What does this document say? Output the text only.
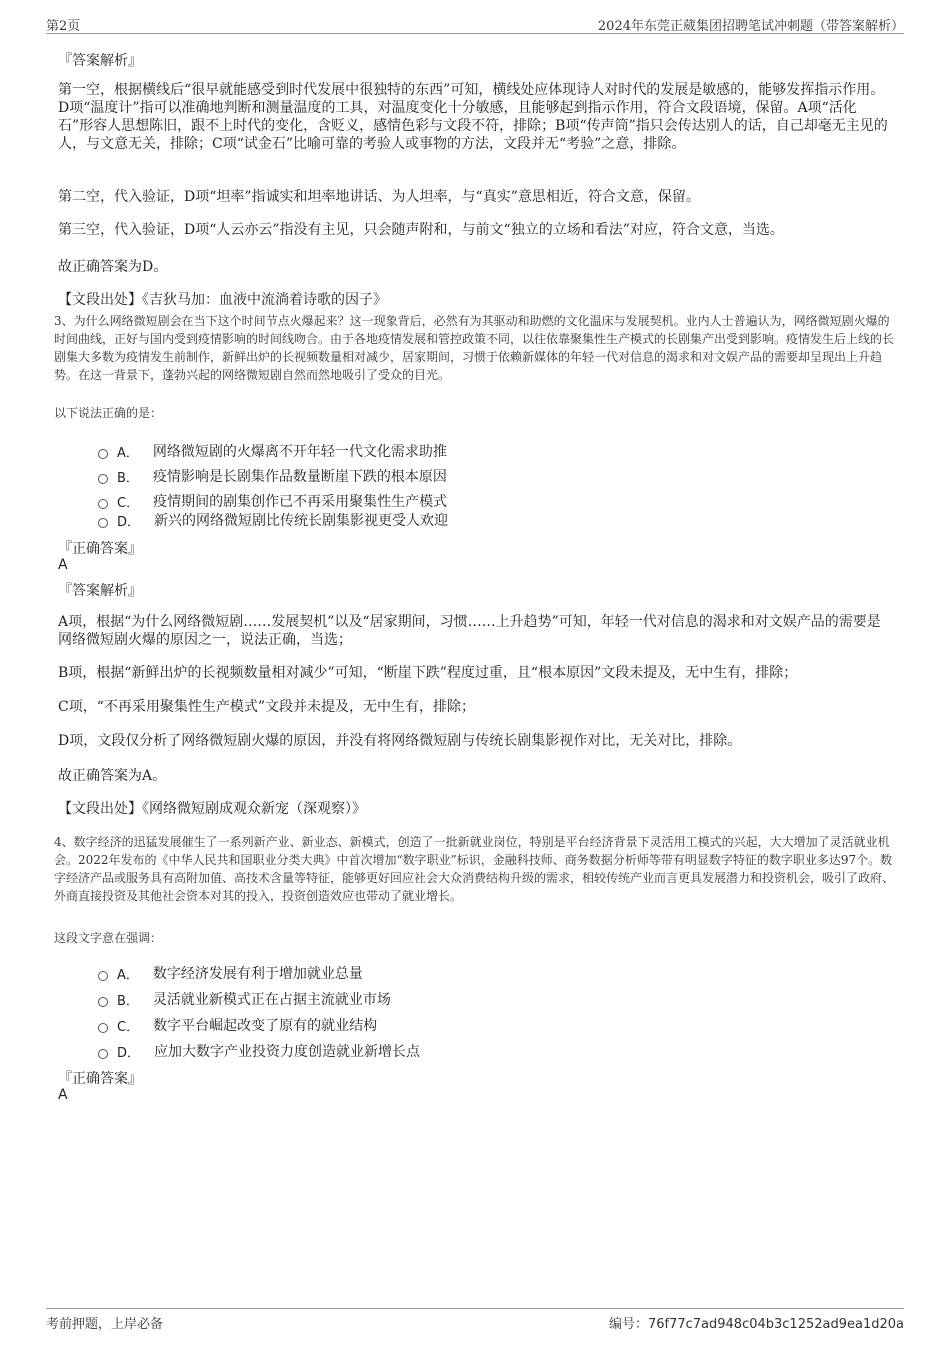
第2页	2024年东莞正葳集团招聘笔试冲刺题（带答案解析）
『答案解析』
第一空，根据横线后“很早就能感受到时代发展中很独特的东西”可知，横线处应体现诗人对时代的发展是敏感的，能够发挥指示作用。D项“温度计”指可以准确地判断和测量温度的工具，对温度变化十分敏感，且能够起到指示作用，符合文段语境，保留。A项“活化石”形容人思想陈旧，跟不上时代的变化，含贬义，感情色彩与文段不符，排除；B项“传声筒”指只会传达别人的话，自己却毫无主见的人，与文意无关，排除；C项“试金石”比喻可靠的考验人或事物的方法，文段并无“考验”之意，排除。
第二空，代入验证，D项“坦率”指诚实和坦率地讲话、为人坦率，与“真实”意思相近，符合文意，保留。
第三空，代入验证，D项“人云亦云”指没有主见，只会随声附和，与前文“独立的立场和看法”对应，符合文意，当选。
故正确答案为D。
【文段出处】《吉狄马加：血液中流淌着诗歌的因子》
3、为什么网络微短剧会在当下这个时间节点火爆起来？这一现象背后，必然有为其驱动和助燃的文化温床与发展契机。业内人士普遍认为，网络微短剧火爆的时间曲线，正好与国内受到疫情影响的时间线吻合。由于各地疫情发展和管控政策不同，以往依靠聚集性生产模式的长剧集产出受到影响。疫情发生后上线的长剧集大多数为疫情发生前制作，新鲜出炉的长视频数量相对减少，居家期间，习惯于依赖新媒体的年轻一代对信息的渴求和对文娱产品的需要却呈现出上升趋势。在这一背景下，蓬勃兴起的网络微短剧自然而然地吸引了受众的目光。
以下说法正确的是：
A． 网络微短剧的火爆离不开年轻一代文化需求助推
B． 疫情影响是长剧集作品数量断崖下跌的根本原因
C． 疫情期间的剧集创作已不再采用聚集性生产模式
D． 新兴的网络微短剧比传统长剧集影视更受人欢迎
『正确答案』
A
『答案解析』
A项，根据“为什么网络微短剧……发展契机”以及“居家期间，习惯……上升趋势”可知，年轻一代对信息的渴求和对文娱产品的需要是网络微短剧火爆的原因之一，说法正确，当选；
B项，根据“新鲜出炉的长视频数量相对减少”可知，“断崖下跌”程度过重，且“根本原因”文段未提及，无中生有，排除；
C项，“不再采用聚集性生产模式”文段并未提及，无中生有，排除；
D项，文段仅分析了网络微短剧火爆的原因，并没有将网络微短剧与传统长剧集影视作对比，无关对比，排除。
故正确答案为A。
【文段出处】《网络微短剧成观众新宠（深观察）》
4、数字经济的迅猛发展催生了一系列新产业、新业态、新模式，创造了一批新就业岗位，特别是平台经济背景下灵活用工模式的兴起，大大增加了灵活就业机会。2022年发布的《中华人民共和国职业分类大典》中首次增加“数字职业”标识，金融科技师、商务数据分析师等带有明显数字特征的数字职业多达97个。数字经济产品或服务具有高附加值、高技术含量等特征，能够更好回应社会大众消费结构升级的需求，相较传统产业而言更具发展潜力和投资机会，吸引了政府、外商直接投资及其他社会资本对其的投入，投资创造效应也带动了就业增长。
这段文字意在强调：
A． 数字经济发展有利于增加就业总量
B． 灵活就业新模式正在占据主流就业市场
C． 数字平台崛起改变了原有的就业结构
D． 应加大数字产业投资力度创造就业新增长点
『正确答案』
A
考前押题，上岸必备	编号：76f77c7ad948c04b3c1252ad9ea1d20a
